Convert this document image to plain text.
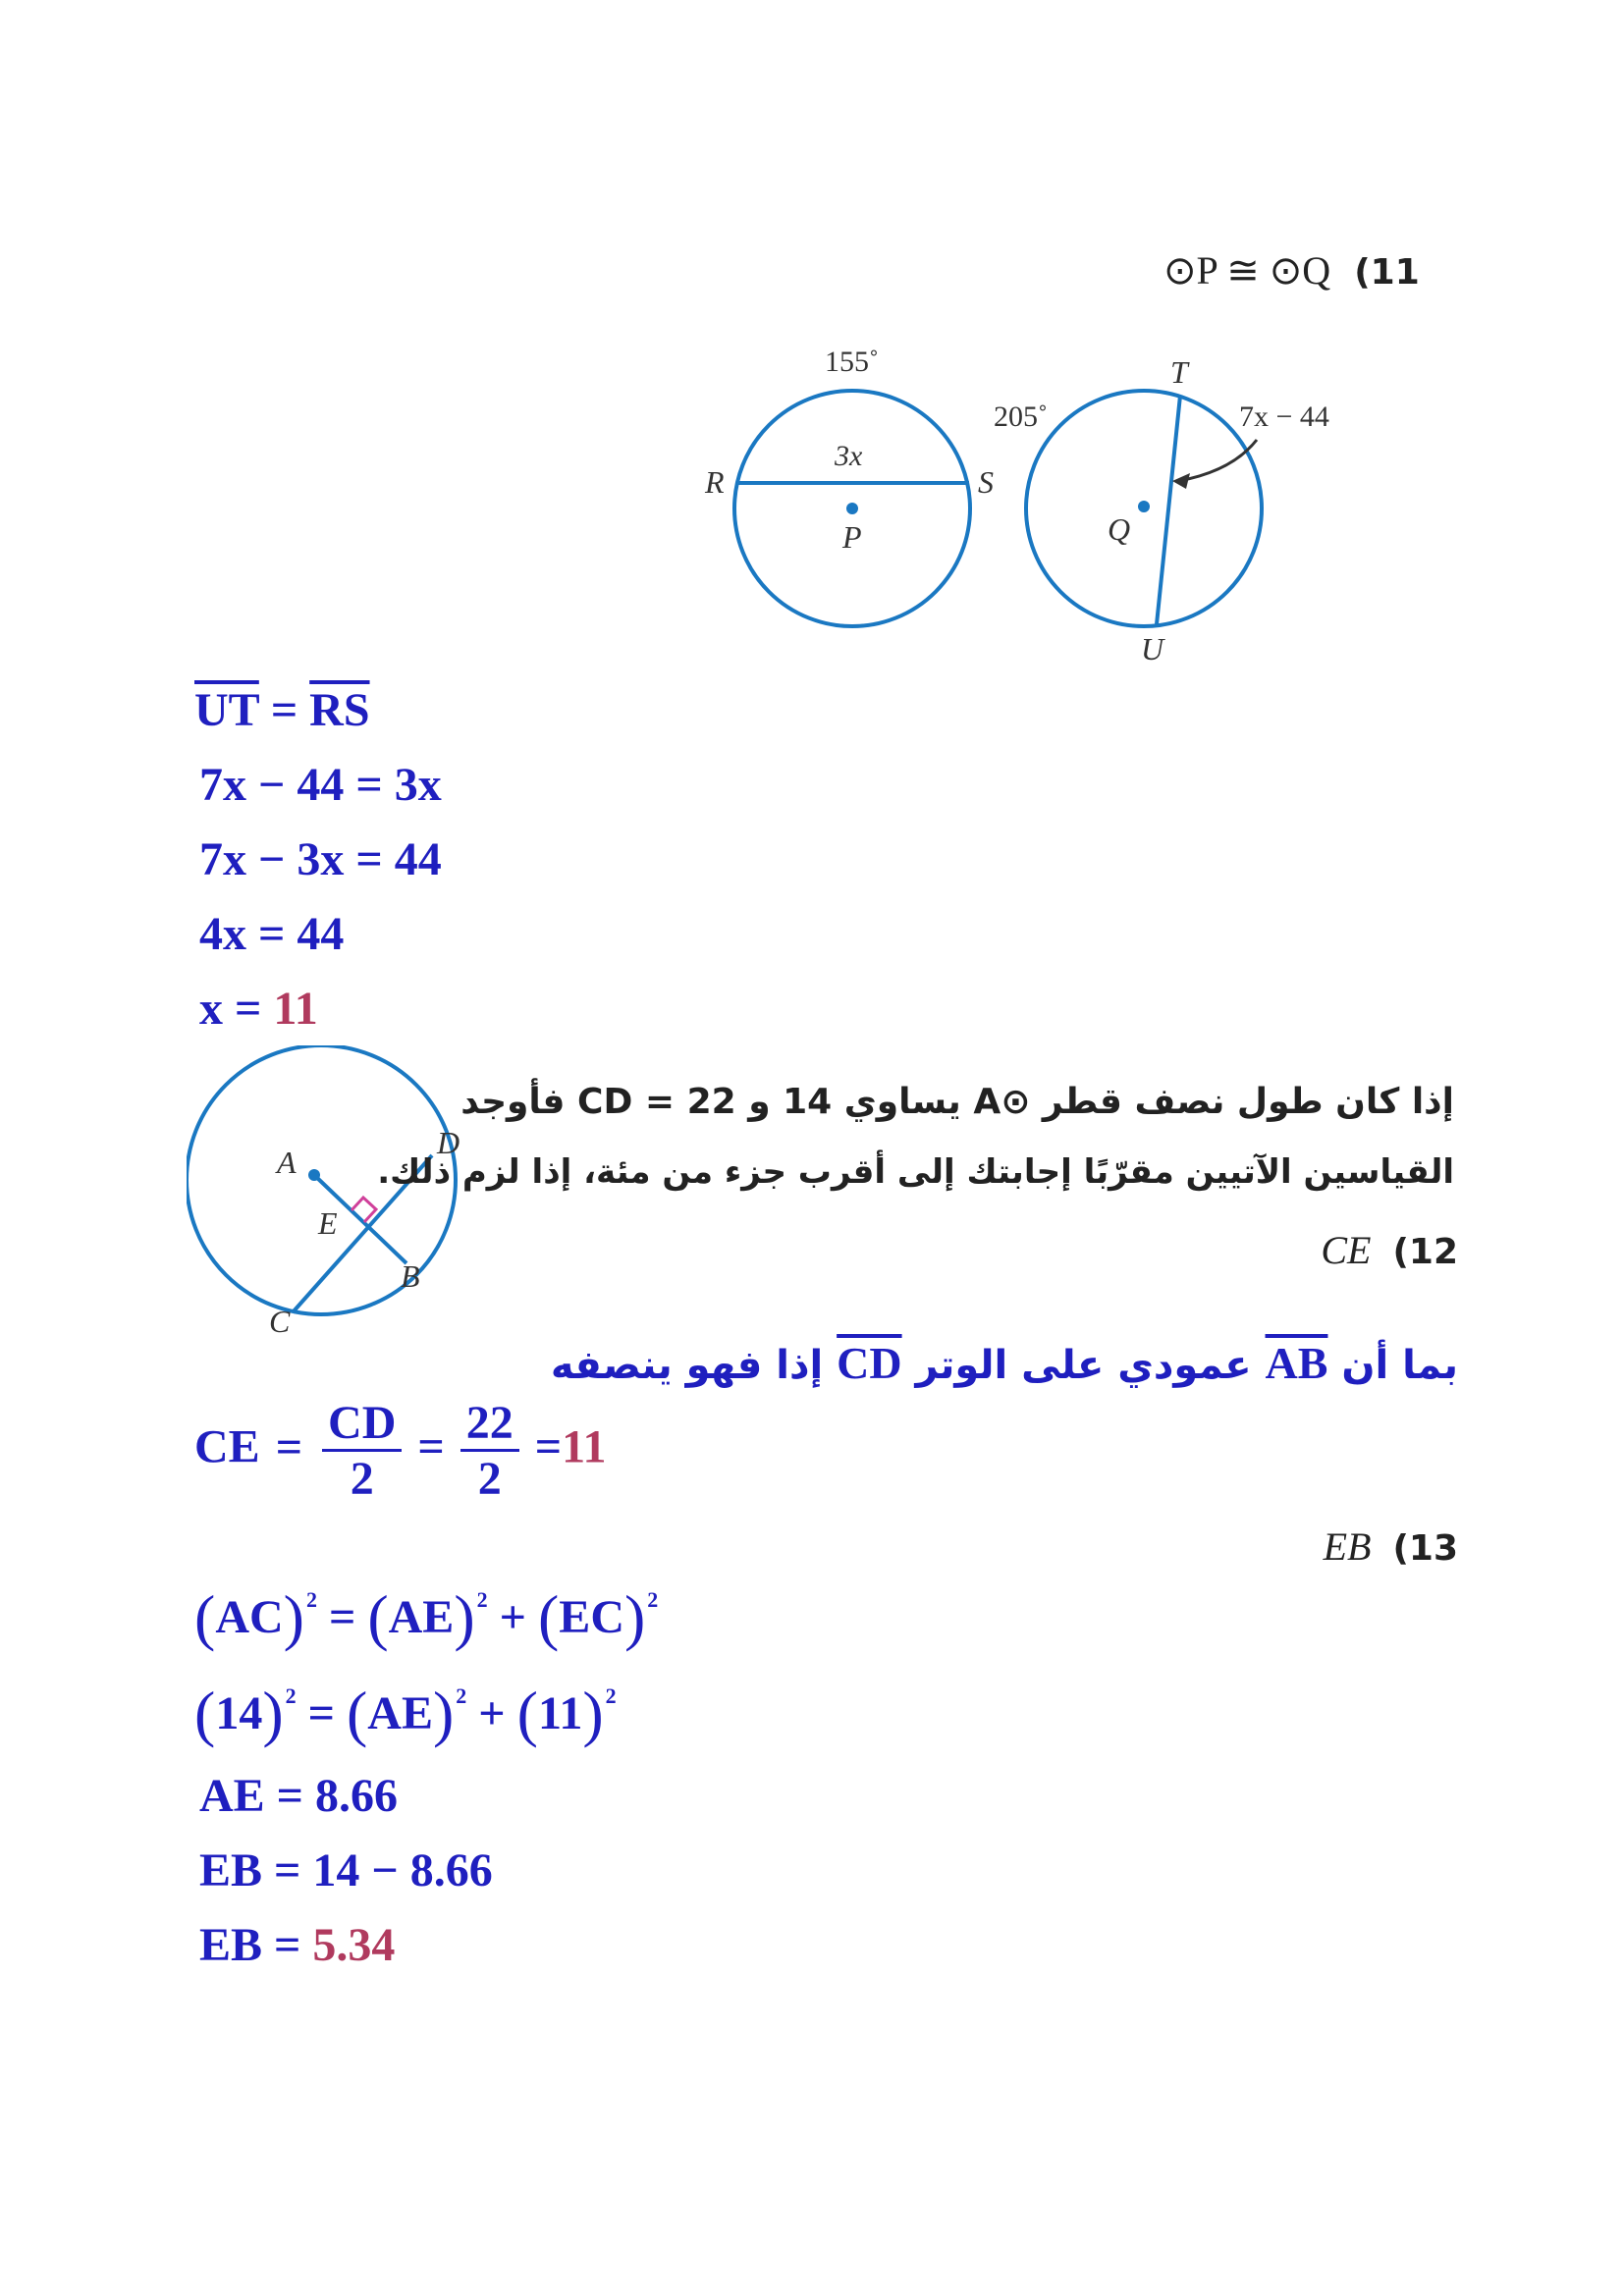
⊙P ≅ ⊙Q (11
155˚
R	S
3x
P
205˚
T
U
Q
7x − 44
$\overline{UT} = \overline{RS}$
7x − 44 = 3x
7x − 3x = 44
4x = 44
x = 11
A
D
E
B
C
إذا كان طول نصف قطر ⊙A يساوي 14 و CD = 22 فأوجد
القياسين الآتيين مقرّبًا إجابتك إلى أقرب جزء من مئة، إذا لزم ذلك.
CE (12
بما أن AB عمودي على الوتر CD إذا فهو ينصفه
CE = $\frac{CD}{2} = \frac{22}{2} =11$
EB (13
(AC)$^2$ = (AE)$^2$ + (EC)$^2$
$(14)^2 = (AE)^2 + (11)^2$
AE = 8.66
EB = 14 − 8.66
EB = 5.34
